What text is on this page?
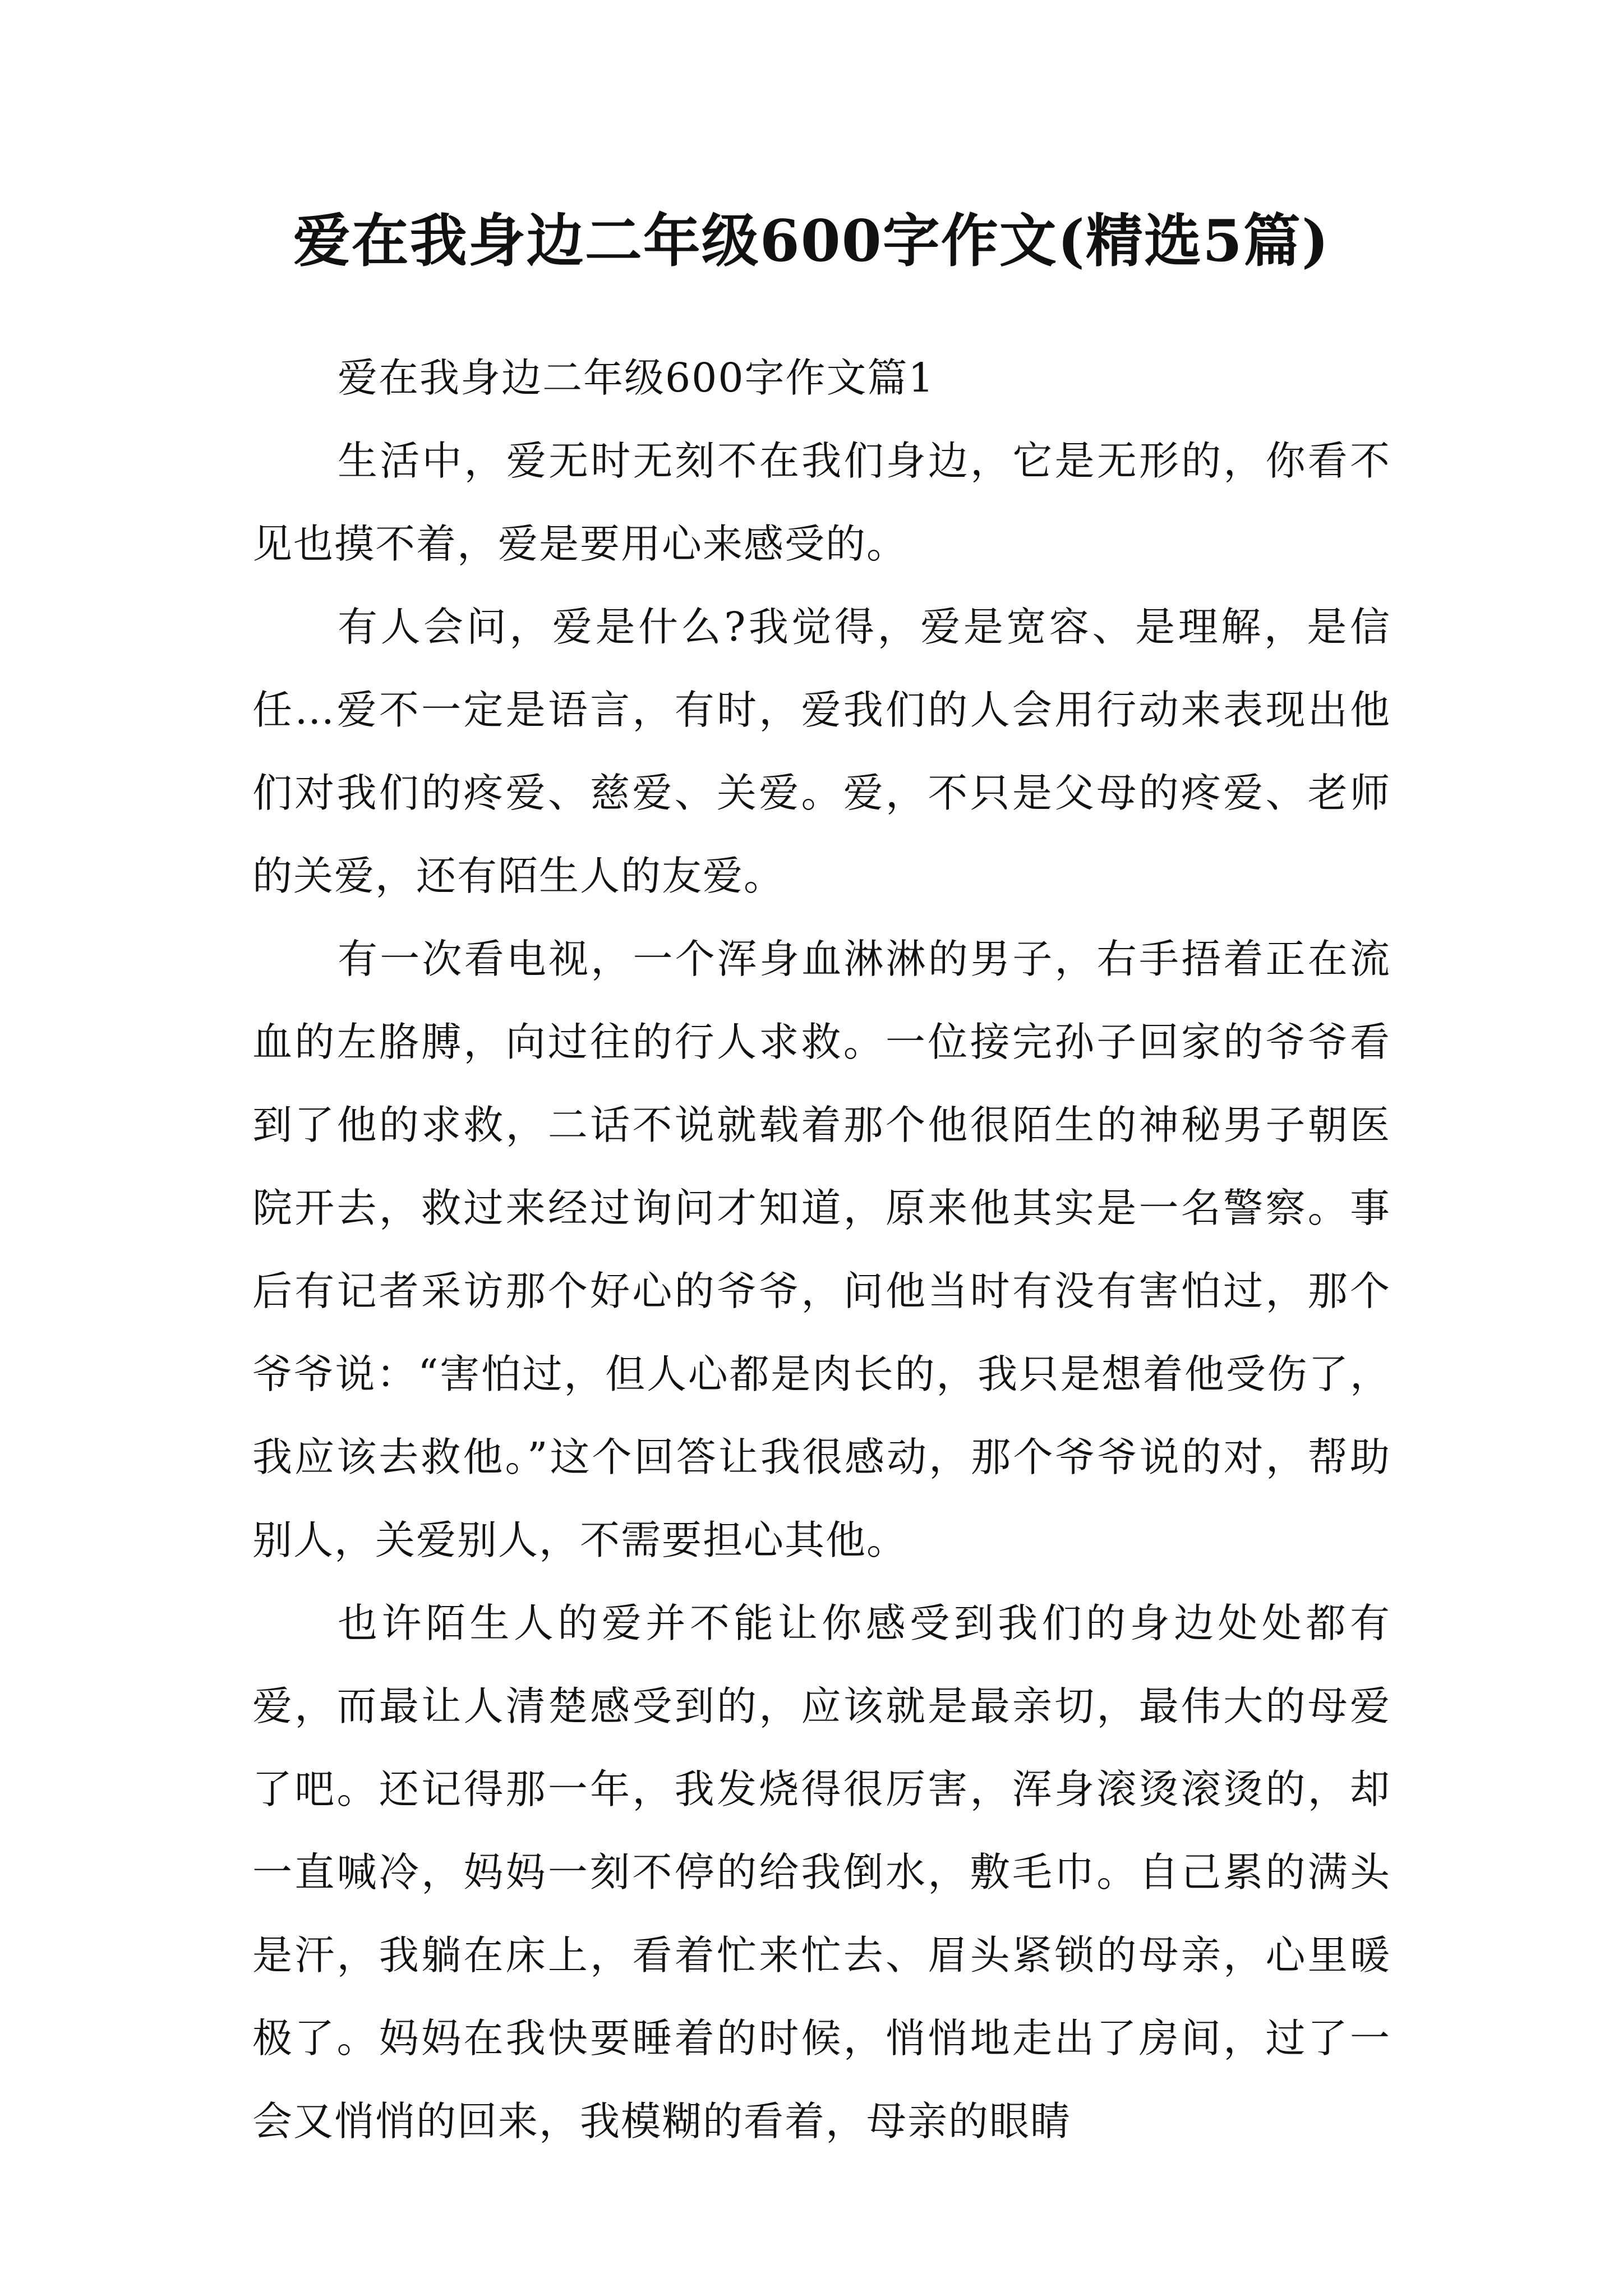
爱在我身边二年级600字作文(精选5篇)

爱在我身边二年级600字作文篇1

生活中，爱无时无刻不在我们身边，它是无形的，你看不见也摸不着，爱是要用心来感受的。

有人会问，爱是什么?我觉得，爱是宽容、是理解，是信任…爱不一定是语言，有时，爱我们的人会用行动来表现出他们对我们的疼爱、慈爱、关爱。爱，不只是父母的疼爱、老师的关爱，还有陌生人的友爱。

有一次看电视，一个浑身血淋淋的男子，右手捂着正在流血的左胳膊，向过往的行人求救。一位接完孙子回家的爷爷看到了他的求救，二话不说就载着那个他很陌生的神秘男子朝医院开去，救过来经过询问才知道，原来他其实是一名警察。事后有记者采访那个好心的爷爷，问他当时有没有害怕过，那个爷爷说：“害怕过，但人心都是肉长的，我只是想着他受伤了，我应该去救他。”这个回答让我很感动，那个爷爷说的对，帮助别人，关爱别人，不需要担心其他。

也许陌生人的爱并不能让你感受到我们的身边处处都有爱，而最让人清楚感受到的，应该就是最亲切，最伟大的母爱了吧。还记得那一年，我发烧得很厉害，浑身滚烫滚烫的，却一直喊冷，妈妈一刻不停的给我倒水，敷毛巾。自己累的满头是汗，我躺在床上，看着忙来忙去、眉头紧锁的母亲，心里暖极了。妈妈在我快要睡着的时候，悄悄地走出了房间，过了一会又悄悄的回来，我模糊的看着，母亲的眼睛
